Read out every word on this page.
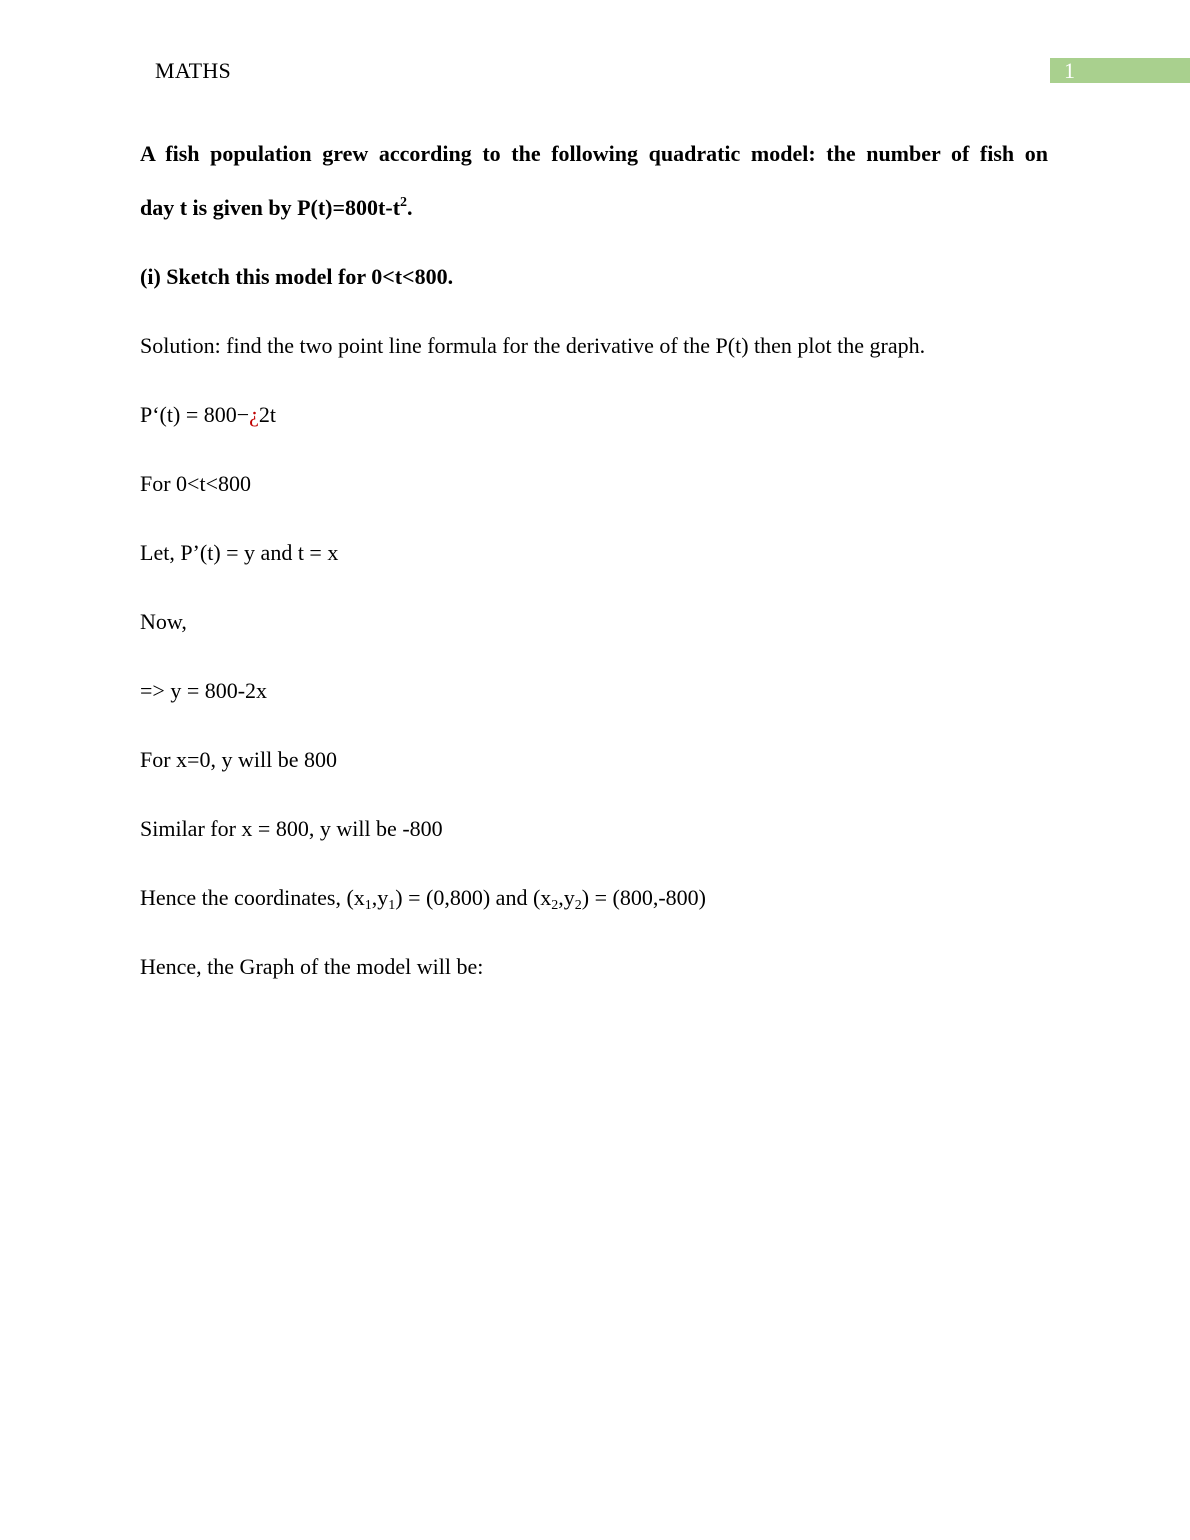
MATHS	1
A fish population grew according to the following quadratic model: the number of fish on
day t is given by $P(t)=800t-t^2$.
(i) Sketch this model for 0<t<800.
Solution: find the two point line formula for the derivative of the P(t) then plot the graph.
P‘(t) = 800−¿2t
For 0<t<800
Let, P’(t) = y and t = x
Now,
=> y = 800-2x
For x=0, y will be 800
Similar for x = 800, y will be -800
Hence the coordinates, $(x_1,y_1) = (0,800)$ and $(x_2,y_2) = (800,-800)$
Hence, the Graph of the model will be:
